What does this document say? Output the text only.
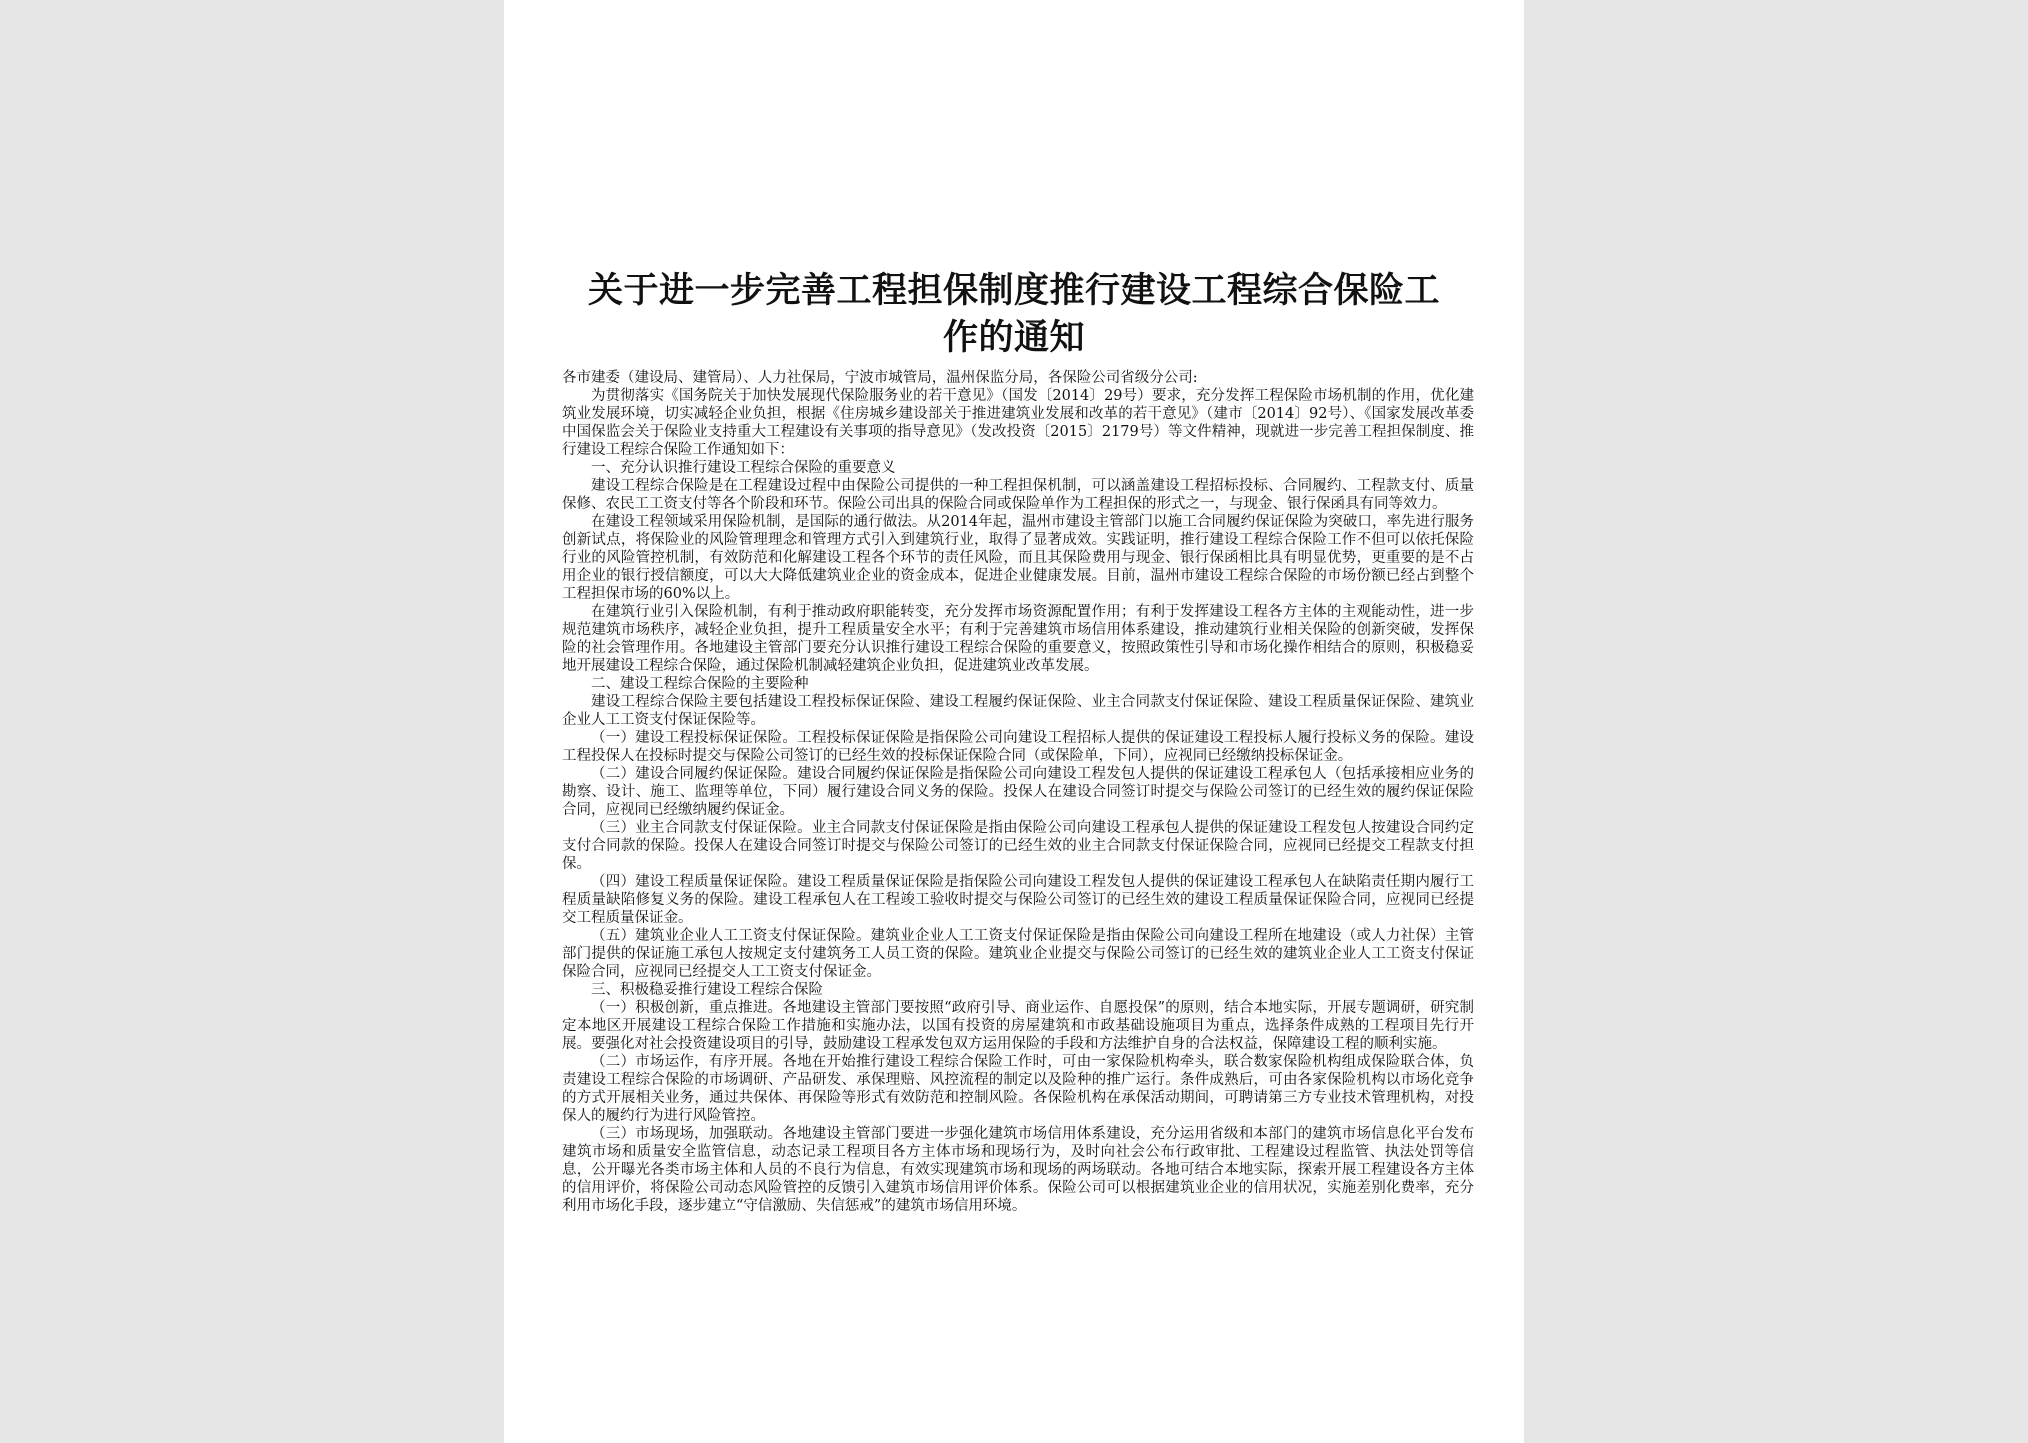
关于进一步完善工程担保制度推行建设工程综合保险工
作的通知

各市建委（建设局、建管局）、人力社保局，宁波市城管局，温州保监分局，各保险公司省级分公司:

为贯彻落实《国务院关于加快发展现代保险服务业的若干意见》（国发〔2014〕29号）要求，充分发挥工程保险市场机制的作用，优化建筑业发展环境，切实减轻企业负担，根据《住房城乡建设部关于推进建筑业发展和改革的若干意见》（建市〔2014〕92号）、《国家发展改革委中国保监会关于保险业支持重大工程建设有关事项的指导意见》（发改投资〔2015〕2179号）等文件精神，现就进一步完善工程担保制度、推行建设工程综合保险工作通知如下：

一、充分认识推行建设工程综合保险的重要意义

建设工程综合保险是在工程建设过程中由保险公司提供的一种工程担保机制，可以涵盖建设工程招标投标、合同履约、工程款支付、质量保修、农民工工资支付等各个阶段和环节。保险公司出具的保险合同或保险单作为工程担保的形式之一，与现金、银行保函具有同等效力。

在建设工程领域采用保险机制，是国际的通行做法。从2014年起，温州市建设主管部门以施工合同履约保证保险为突破口，率先进行服务创新试点，将保险业的风险管理理念和管理方式引入到建筑行业，取得了显著成效。实践证明，推行建设工程综合保险工作不但可以依托保险行业的风险管控机制，有效防范和化解建设工程各个环节的责任风险，而且其保险费用与现金、银行保函相比具有明显优势，更重要的是不占用企业的银行授信额度，可以大大降低建筑业企业的资金成本，促进企业健康发展。目前，温州市建设工程综合保险的市场份额已经占到整个工程担保市场的60%以上。

在建筑行业引入保险机制，有利于推动政府职能转变，充分发挥市场资源配置作用；有利于发挥建设工程各方主体的主观能动性，进一步规范建筑市场秩序，减轻企业负担，提升工程质量安全水平；有利于完善建筑市场信用体系建设，推动建筑行业相关保险的创新突破，发挥保险的社会管理作用。各地建设主管部门要充分认识推行建设工程综合保险的重要意义，按照政策性引导和市场化操作相结合的原则，积极稳妥地开展建设工程综合保险，通过保险机制减轻建筑企业负担，促进建筑业改革发展。

二、建设工程综合保险的主要险种

建设工程综合保险主要包括建设工程投标保证保险、建设工程履约保证保险、业主合同款支付保证保险、建设工程质量保证保险、建筑业企业人工工资支付保证保险等。

（一）建设工程投标保证保险。工程投标保证保险是指保险公司向建设工程招标人提供的保证建设工程投标人履行投标义务的保险。建设工程投保人在投标时提交与保险公司签订的已经生效的投标保证保险合同（或保险单，下同），应视同已经缴纳投标保证金。

（二）建设合同履约保证保险。建设合同履约保证保险是指保险公司向建设工程发包人提供的保证建设工程承包人（包括承接相应业务的勘察、设计、施工、监理等单位，下同）履行建设合同义务的保险。投保人在建设合同签订时提交与保险公司签订的已经生效的履约保证保险合同，应视同已经缴纳履约保证金。

（三）业主合同款支付保证保险。业主合同款支付保证保险是指由保险公司向建设工程承包人提供的保证建设工程发包人按建设合同约定支付合同款的保险。投保人在建设合同签订时提交与保险公司签订的已经生效的业主合同款支付保证保险合同，应视同已经提交工程款支付担保。

（四）建设工程质量保证保险。建设工程质量保证保险是指保险公司向建设工程发包人提供的保证建设工程承包人在缺陷责任期内履行工程质量缺陷修复义务的保险。建设工程承包人在工程竣工验收时提交与保险公司签订的已经生效的建设工程质量保证保险合同，应视同已经提交工程质量保证金。

（五）建筑业企业人工工资支付保证保险。建筑业企业人工工资支付保证保险是指由保险公司向建设工程所在地建设（或人力社保）主管部门提供的保证施工承包人按规定支付建筑务工人员工资的保险。建筑业企业提交与保险公司签订的已经生效的建筑业企业人工工资支付保证保险合同，应视同已经提交人工工资支付保证金。

三、积极稳妥推行建设工程综合保险

（一）积极创新，重点推进。各地建设主管部门要按照“政府引导、商业运作、自愿投保”的原则，结合本地实际，开展专题调研，研究制定本地区开展建设工程综合保险工作措施和实施办法，以国有投资的房屋建筑和市政基础设施项目为重点，选择条件成熟的工程项目先行开展。要强化对社会投资建设项目的引导，鼓励建设工程承发包双方运用保险的手段和方法维护自身的合法权益，保障建设工程的顺利实施。

（二）市场运作，有序开展。各地在开始推行建设工程综合保险工作时，可由一家保险机构牵头，联合数家保险机构组成保险联合体，负责建设工程综合保险的市场调研、产品研发、承保理赔、风控流程的制定以及险种的推广运行。条件成熟后，可由各家保险机构以市场化竞争的方式开展相关业务，通过共保体、再保险等形式有效防范和控制风险。各保险机构在承保活动期间，可聘请第三方专业技术管理机构，对投保人的履约行为进行风险管控。

（三）市场现场，加强联动。各地建设主管部门要进一步强化建筑市场信用体系建设，充分运用省级和本部门的建筑市场信息化平台发布建筑市场和质量安全监管信息，动态记录工程项目各方主体市场和现场行为，及时向社会公布行政审批、工程建设过程监管、执法处罚等信息，公开曝光各类市场主体和人员的不良行为信息，有效实现建筑市场和现场的两场联动。各地可结合本地实际，探索开展工程建设各方主体的信用评价，将保险公司动态风险管控的反馈引入建筑市场信用评价体系。保险公司可以根据建筑业企业的信用状况，实施差别化费率，充分利用市场化手段，逐步建立“守信激励、失信惩戒”的建筑市场信用环境。
